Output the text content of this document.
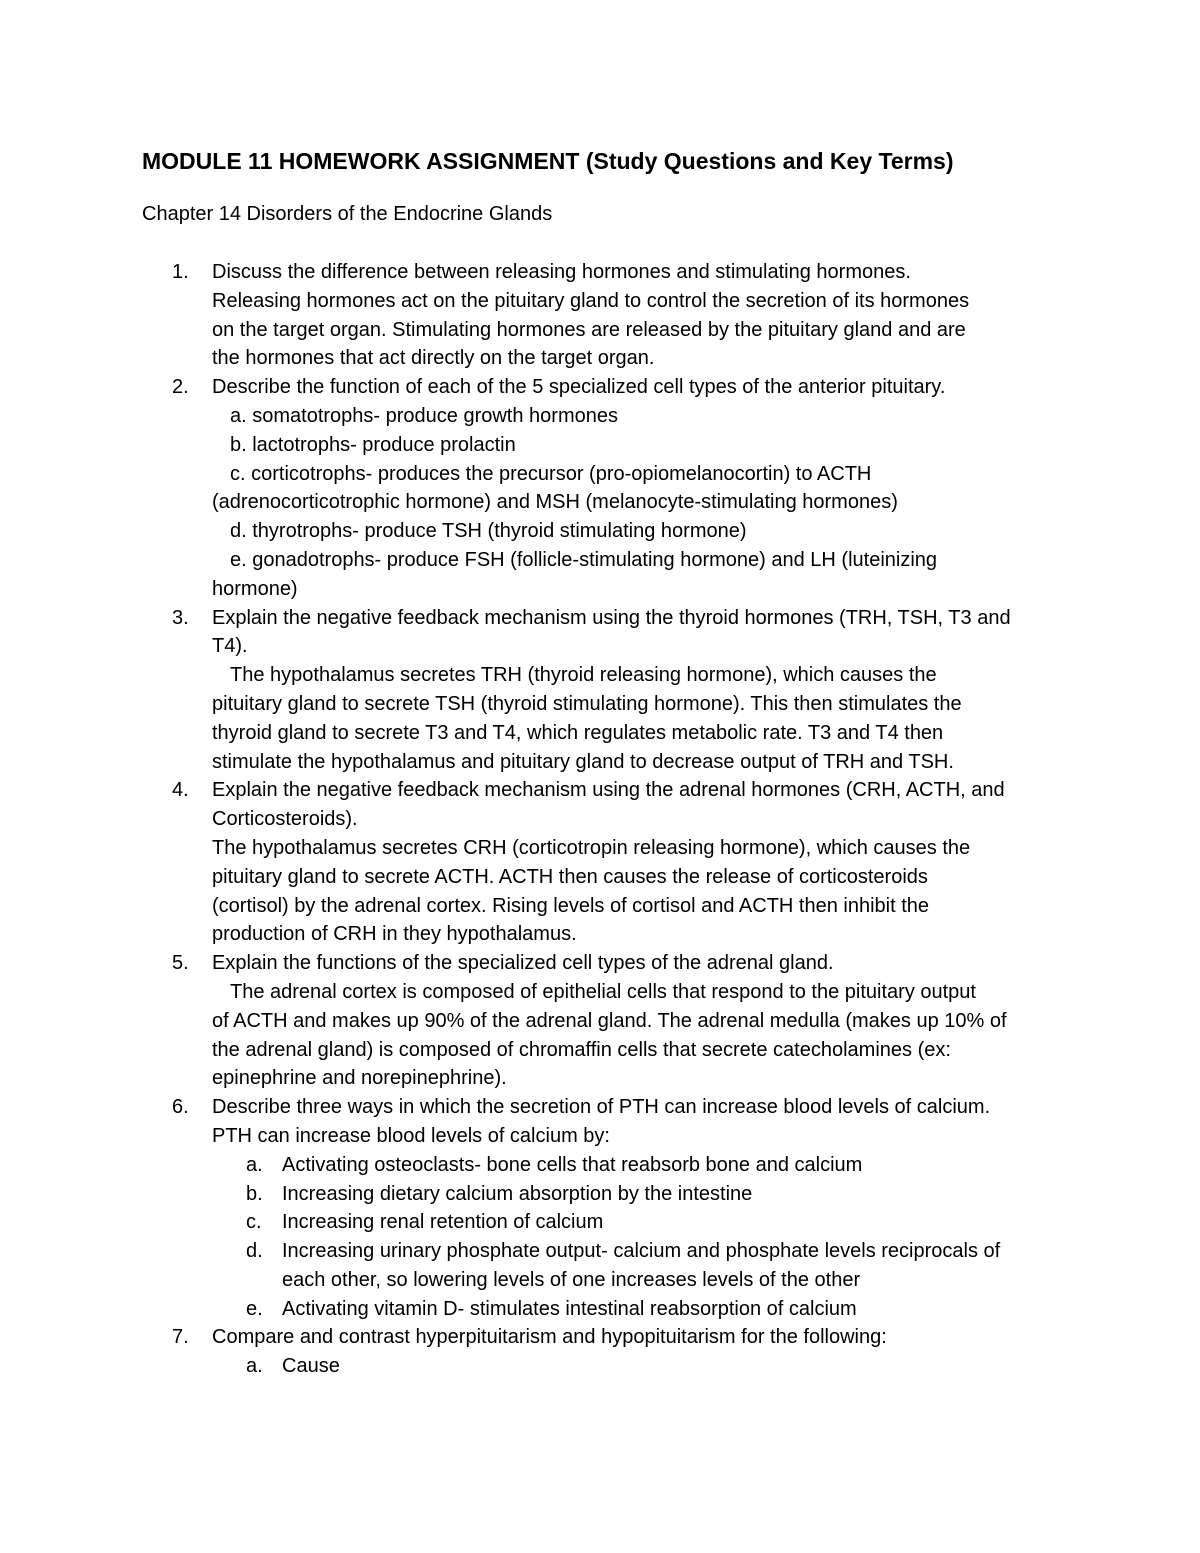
MODULE 11 HOMEWORK ASSIGNMENT (Study Questions and Key Terms)
Chapter 14 Disorders of the Endocrine Glands
1. Discuss the difference between releasing hormones and stimulating hormones.
Releasing hormones act on the pituitary gland to control the secretion of its hormones
on the target organ. Stimulating hormones are released by the pituitary gland and are
the hormones that act directly on the target organ.
2. Describe the function of each of the 5 specialized cell types of the anterior pituitary.
a. somatotrophs- produce growth hormones
b. lactotrophs- produce prolactin
c. corticotrophs- produces the precursor (pro-opiomelanocortin) to ACTH
(adrenocorticotrophic hormone) and MSH (melanocyte-stimulating hormones)
d. thyrotrophs- produce TSH (thyroid stimulating hormone)
e. gonadotrophs- produce FSH (follicle-stimulating hormone) and LH (luteinizing
hormone)
3. Explain the negative feedback mechanism using the thyroid hormones (TRH, TSH, T3 and
T4).
The hypothalamus secretes TRH (thyroid releasing hormone), which causes the
pituitary gland to secrete TSH (thyroid stimulating hormone). This then stimulates the
thyroid gland to secrete T3 and T4, which regulates metabolic rate. T3 and T4 then
stimulate the hypothalamus and pituitary gland to decrease output of TRH and TSH.
4. Explain the negative feedback mechanism using the adrenal hormones (CRH, ACTH, and
Corticosteroids).
The hypothalamus secretes CRH (corticotropin releasing hormone), which causes the
pituitary gland to secrete ACTH. ACTH then causes the release of corticosteroids
(cortisol) by the adrenal cortex. Rising levels of cortisol and ACTH then inhibit the
production of CRH in they hypothalamus.
5. Explain the functions of the specialized cell types of the adrenal gland.
The adrenal cortex is composed of epithelial cells that respond to the pituitary output
of ACTH and makes up 90% of the adrenal gland. The adrenal medulla (makes up 10% of
the adrenal gland) is composed of chromaffin cells that secrete catecholamines (ex:
epinephrine and norepinephrine).
6. Describe three ways in which the secretion of PTH can increase blood levels of calcium.
PTH can increase blood levels of calcium by:
a. Activating osteoclasts- bone cells that reabsorb bone and calcium
b. Increasing dietary calcium absorption by the intestine
c. Increasing renal retention of calcium
d. Increasing urinary phosphate output- calcium and phosphate levels reciprocals of
each other, so lowering levels of one increases levels of the other
e. Activating vitamin D- stimulates intestinal reabsorption of calcium
7. Compare and contrast hyperpituitarism and hypopituitarism for the following:
a. Cause
